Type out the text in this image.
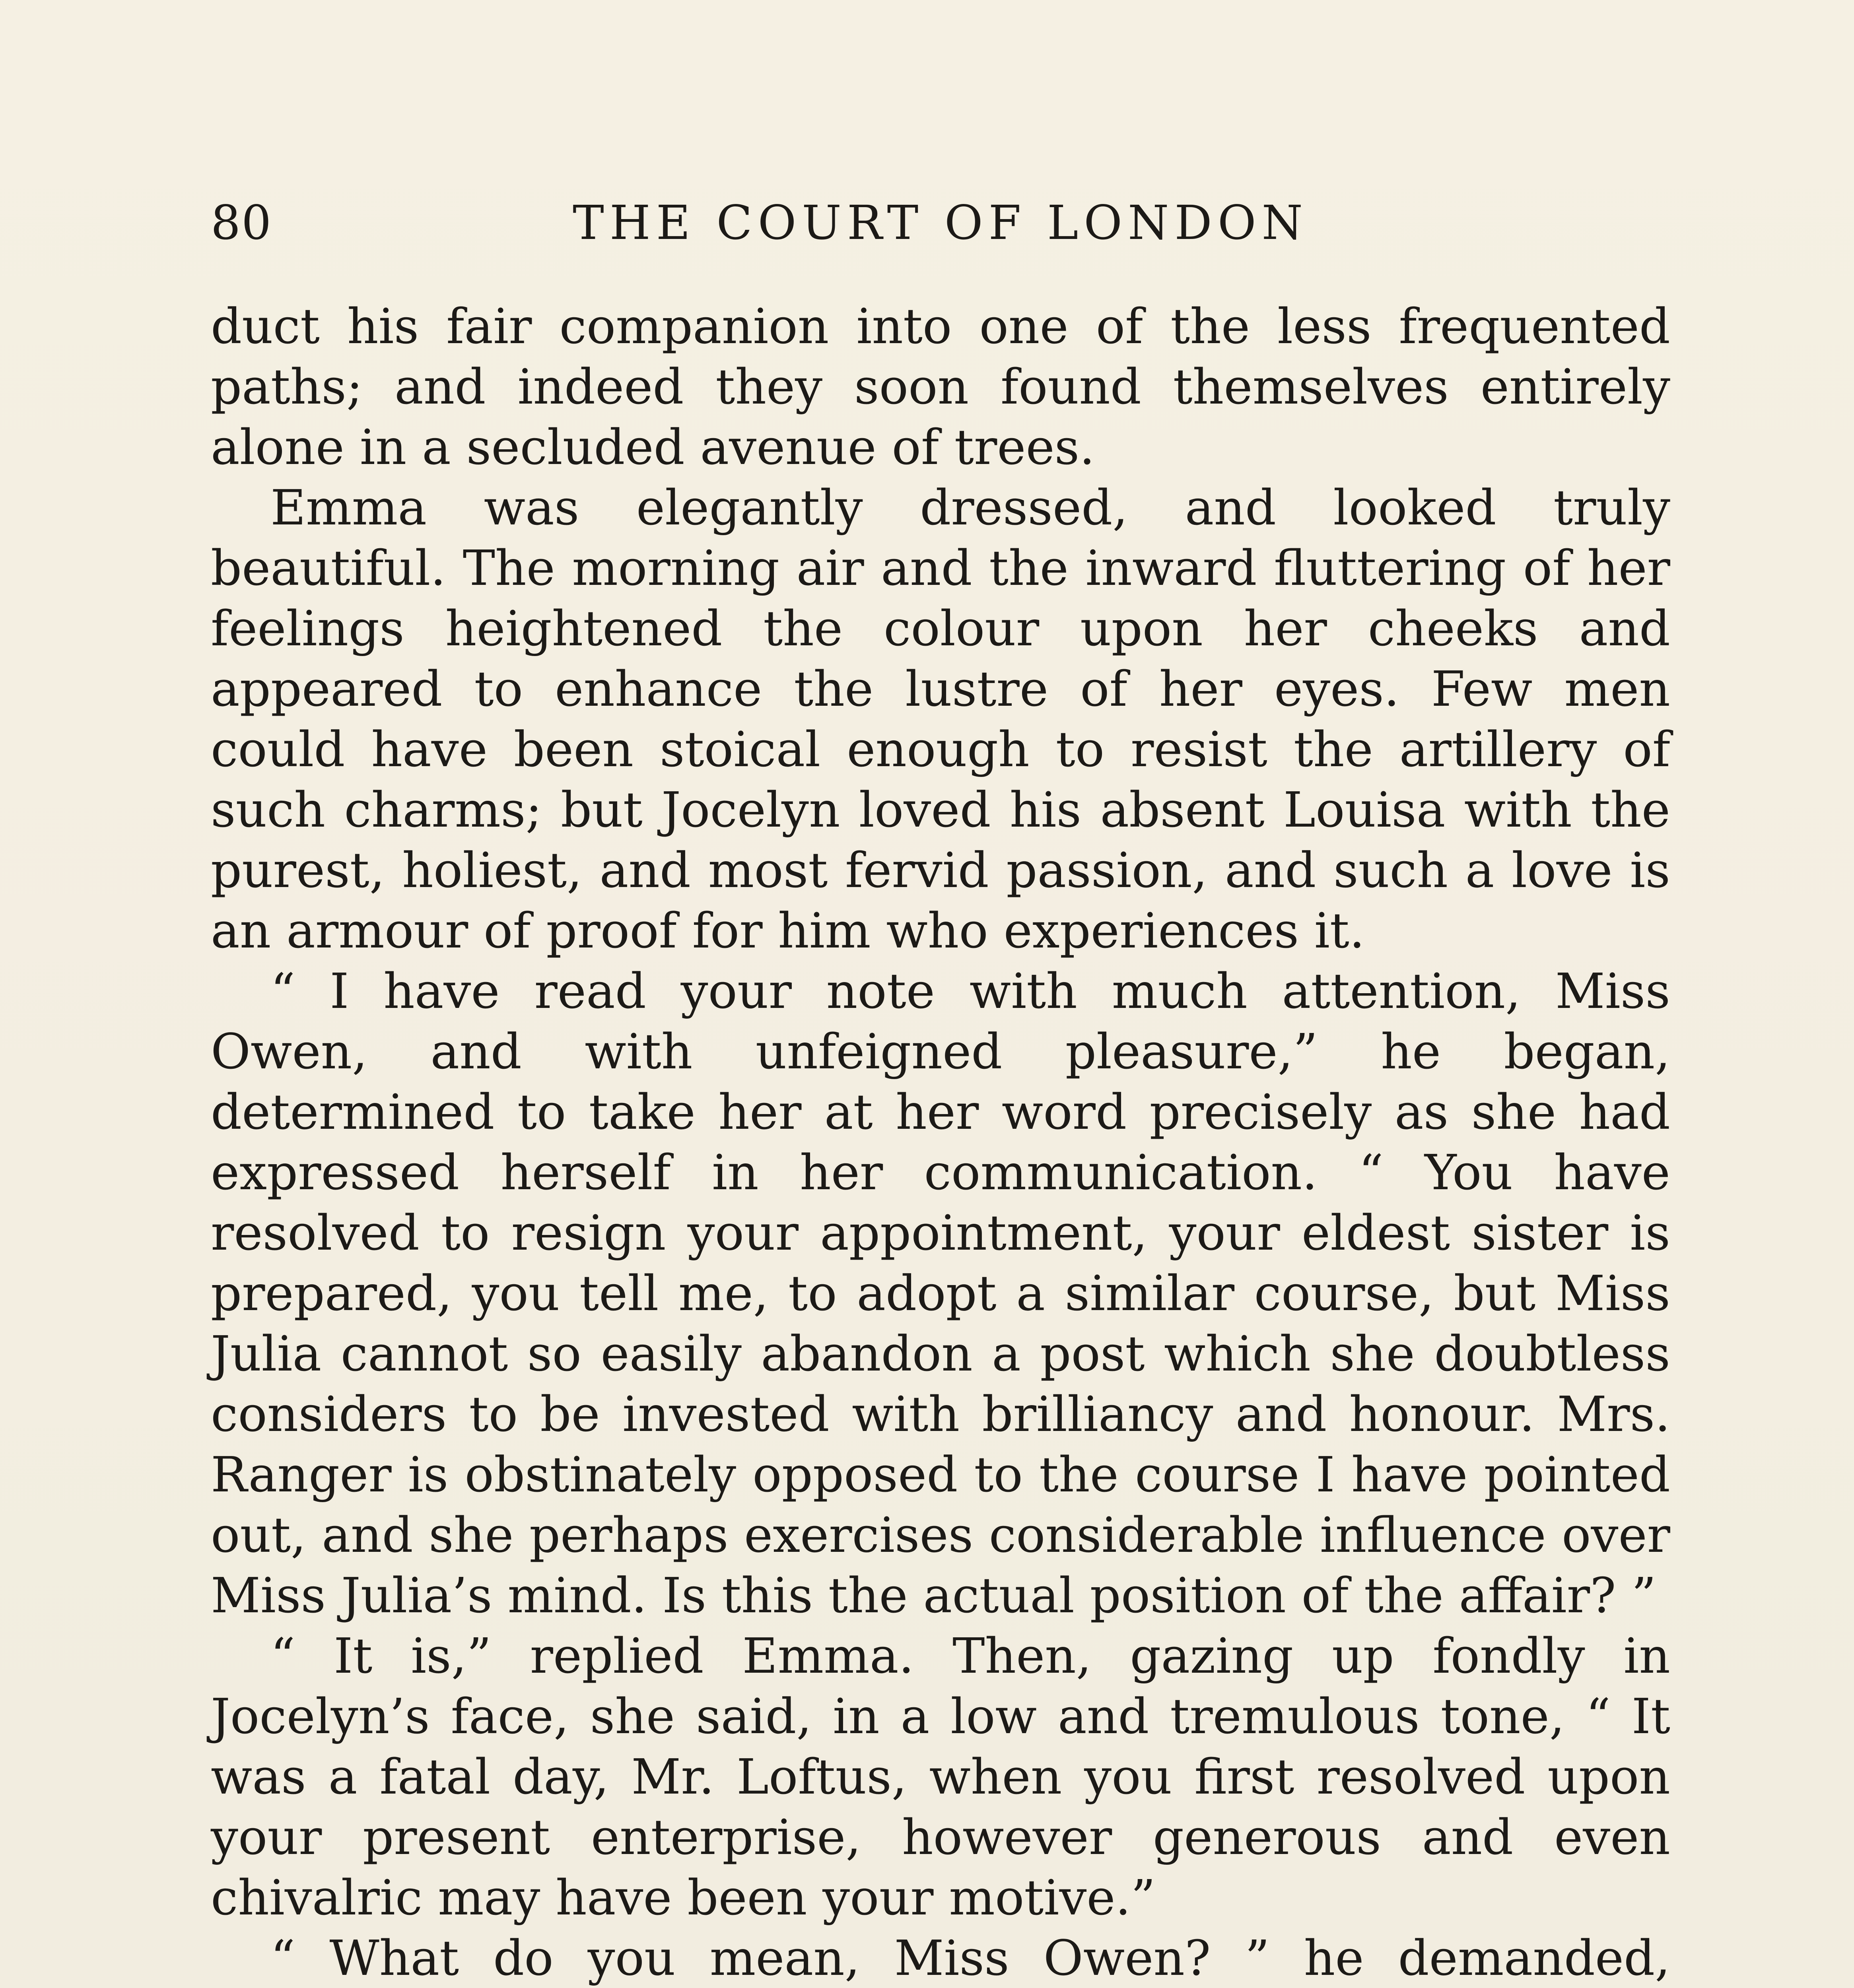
80	THE COURT OF LONDON

duct his fair companion into one of the less frequented paths; and indeed they soon found themselves entirely alone in a secluded avenue of trees.

Emma was elegantly dressed, and looked truly beautiful. The morning air and the inward fluttering of her feelings heightened the colour upon her cheeks and appeared to enhance the lustre of her eyes. Few men could have been stoical enough to resist the artillery of such charms; but Jocelyn loved his absent Louisa with the purest, holiest, and most fervid passion, and such a love is an armour of proof for him who experiences it.

“ I have read your note with much attention, Miss Owen, and with unfeigned pleasure,” he began, determined to take her at her word precisely as she had expressed herself in her communication. “ You have resolved to resign your appointment, your eldest sister is prepared, you tell me, to adopt a similar course, but Miss Julia cannot so easily abandon a post which she doubtless considers to be invested with brilliancy and honour. Mrs. Ranger is obstinately opposed to the course I have pointed out, and she perhaps exercises considerable influence over Miss Julia’s mind. Is this the actual position of the affair? ”

“ It is,” replied Emma. Then, gazing up fondly in Jocelyn’s face, she said, in a low and tremulous tone, “ It was a fatal day, Mr. Loftus, when you first resolved upon your present enterprise, however generous and even chivalric may have been your motive.”

“ What do you mean, Miss Owen? ” he demanded,
